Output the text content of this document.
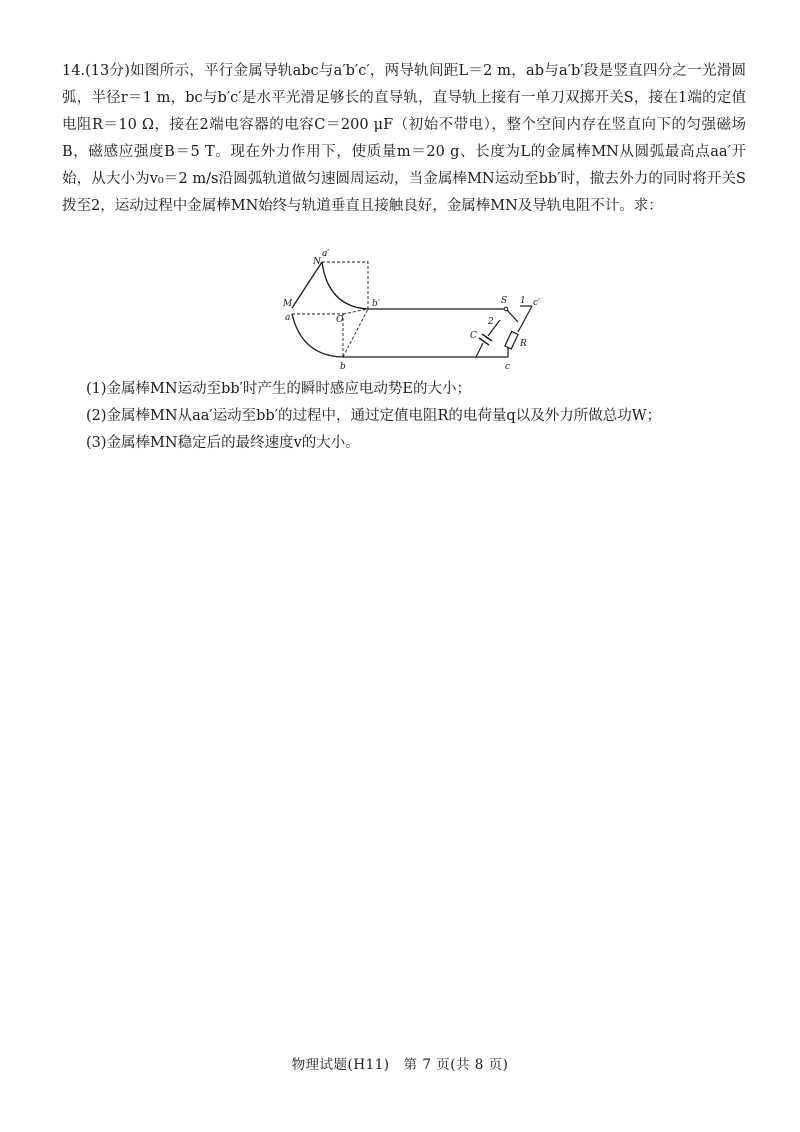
14.(13分)如图所示，平行金属导轨abc与a′b′c′，两导轨间距L＝2 m，ab与a′b′段是竖直四分之一光滑圆弧，半径r＝1 m，bc与b′c′是水平光滑足够长的直导轨，直导轨上接有一单刀双掷开关S，接在1端的定值电阻R＝10 Ω，接在2端电容器的电容C＝200 μF（初始不带电），整个空间内存在竖直向下的匀强磁场B，磁感应强度B＝5 T。现在外力作用下，使质量m＝20 g、长度为L的金属棒MN从圆弧最高点aa′开始，从大小为v₀＝2 m/s沿圆弧轨道做匀速圆周运动，当金属棒MN运动至bb′时，撤去外力的同时将开关S拨至2，运动过程中金属棒MN始终与轨道垂直且接触良好，金属棒MN及导轨电阻不计。求：
N
a′
M
a	O
b′
b
S 1 c′
2
C
R
c
(1)金属棒MN运动至bb′时产生的瞬时感应电动势E的大小；
(2)金属棒MN从aa′运动至bb′的过程中，通过定值电阻R的电荷量q以及外力所做总功W；
(3)金属棒MN稳定后的最终速度v的大小。
物理试题(H11)　第 7 页(共 8 页)
